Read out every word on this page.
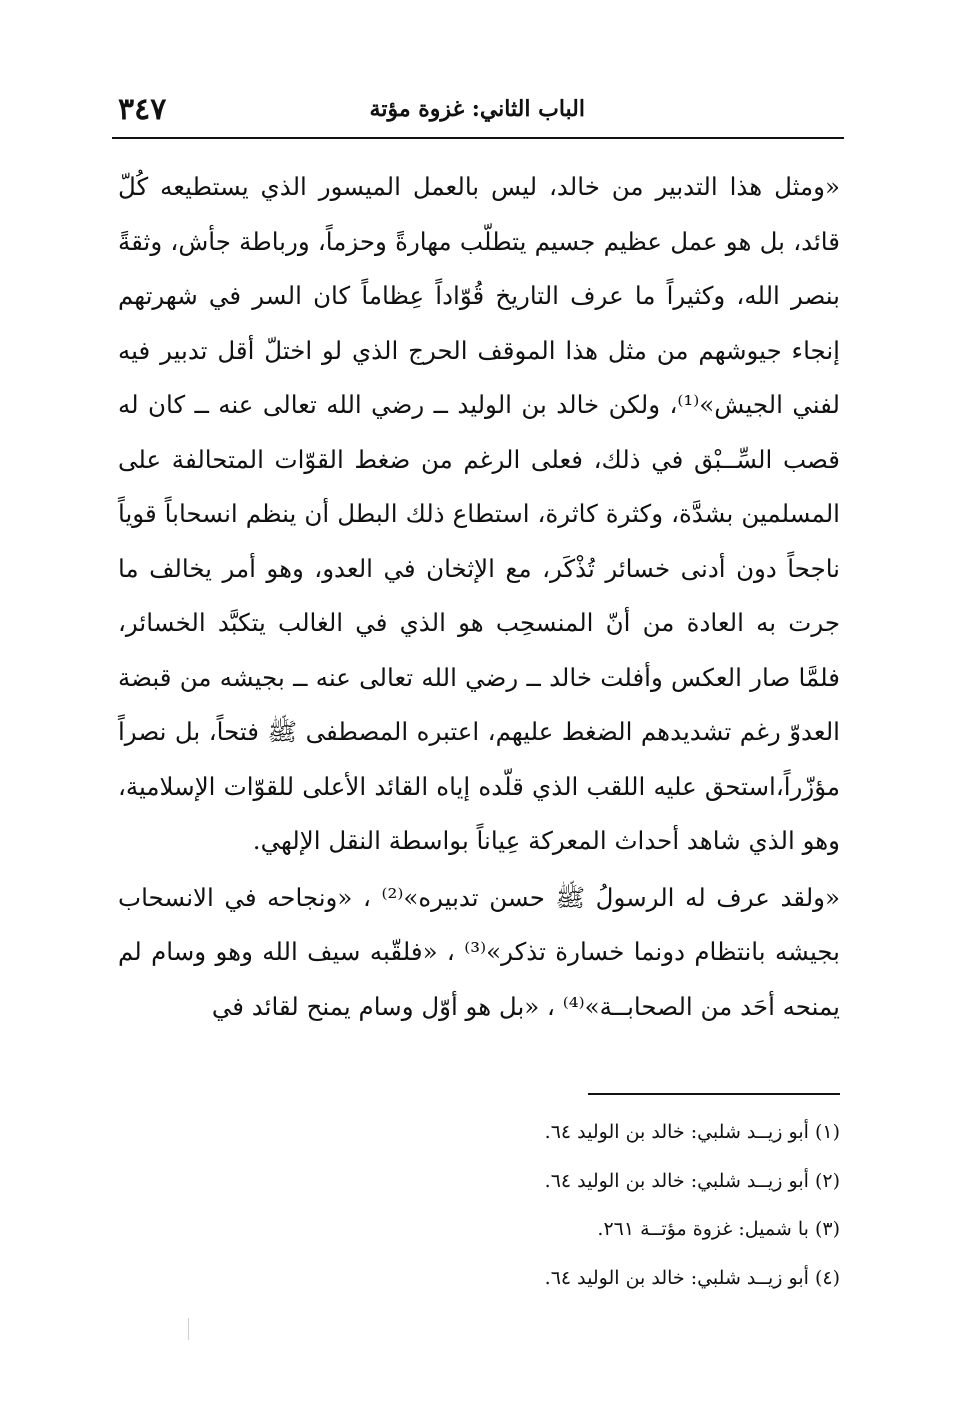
الباب الثاني: غزوة مؤتة
٣٤٧

«ومثل هذا التدبير من خالد، ليس بالعمل الميسور الذي يستطيعه كُلّ قائد، بل هو عمل عظيم جسيم يتطلّب مهارةً وحزماً، ورباطة جأش، وثقةً بنصر الله، وكثيراً ما عرف التاريخ قُوّاداً عِظاماً كان السر في شهرتهم إنجاء جيوشهم من مثل هذا الموقف الحرج الذي لو اختلّ أقل تدبير فيه لفني الجيش»⁽¹⁾، ولكن خالد بن الوليد ــ رضي الله تعالى عنه ــ كان له قصب السِّــبْق في ذلك، فعلى الرغم من ضغط القوّات المتحالفة على المسلمين بشدَّة، وكثرة كاثرة، استطاع ذلك البطل أن ينظم انسحاباً قوياً ناجحاً دون أدنى خسائر تُذْكَر، مع الإثخان في العدو، وهو أمر يخالف ما جرت به العادة من أنّ المنسحِب هو الذي في الغالب يتكبَّد الخسائر، فلمَّا صار العكس وأفلت خالد ــ رضي الله تعالى عنه ــ بجيشه من قبضة العدوّ رغم تشديدهم الضغط عليهم، اعتبره المصطفى ﷺ فتحاً، بل نصراً مؤزّراً،استحق عليه اللقب الذي قلّده إياه القائد الأعلى للقوّات الإسلامية، وهو الذي شاهد أحداث المعركة عِياناً بواسطة النقل الإلهي.

«ولقد عرف له الرسولُ ﷺ حسن تدبيره»⁽²⁾ ، «ونجاحه في الانسحاب بجيشه بانتظام دونما خسارة تذكر»⁽³⁾ ، «فلقّبه سيف الله وهو وسام لم يمنحه أحَد من الصحابــة»⁽⁴⁾ ، «بل هو أوّل وسام يمنح لقائد في

(١) أبو زيــد شلبي: خالد بن الوليد ٦٤.
(٢) أبو زيــد شلبي: خالد بن الوليد ٦٤.
(٣) با شميل: غزوة مؤتــة ٢٦١.
(٤) أبو زيــد شلبي: خالد بن الوليد ٦٤.
